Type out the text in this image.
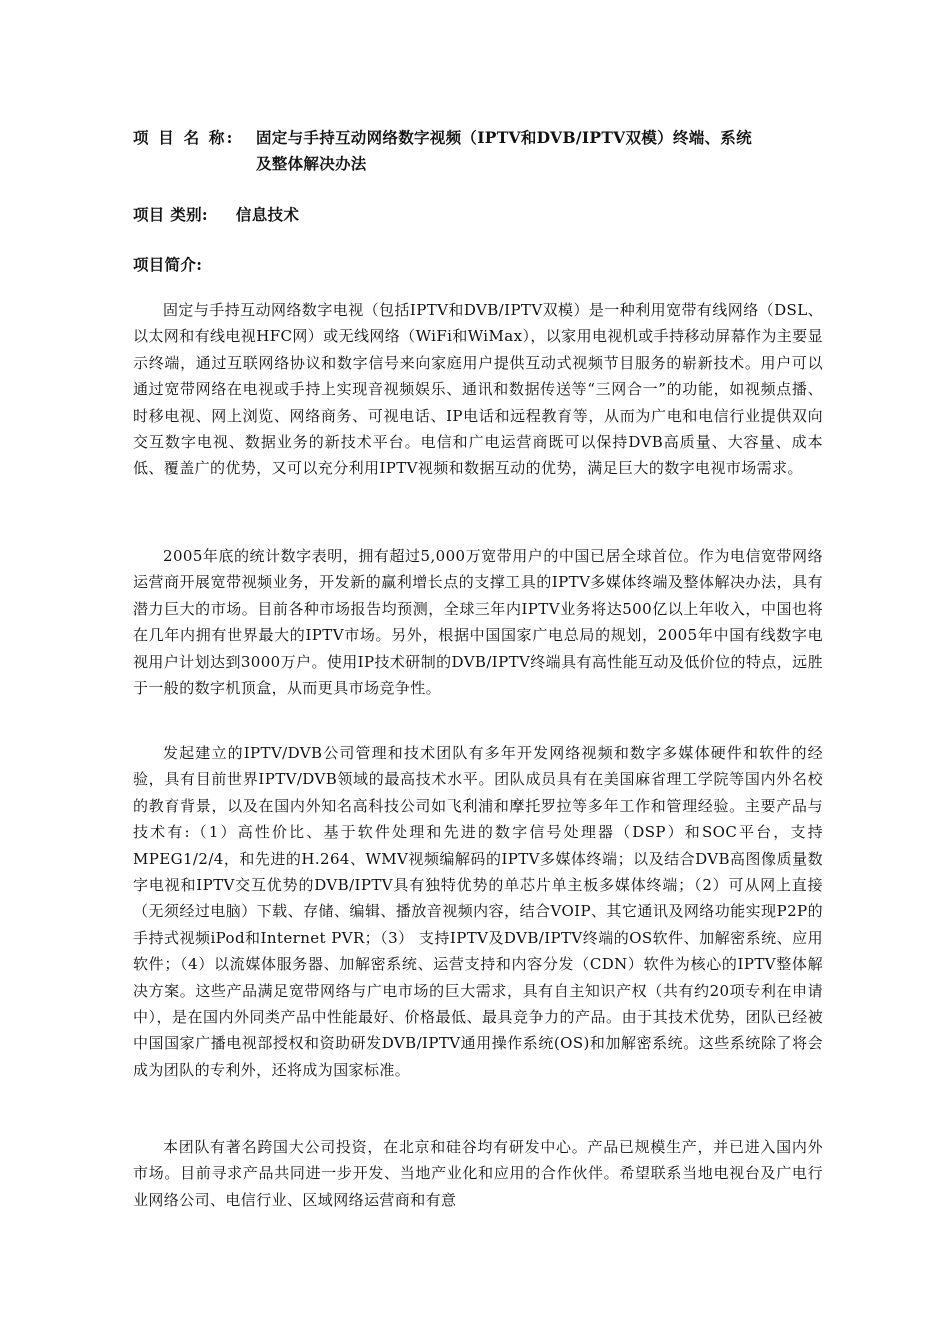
项 目 名 称: 固定与手持互动网络数字视频（IPTV和DVB/IPTV双模）终端、系统
及整体解决办法
项目 类别: 信息技术
项目简介:

固定与手持互动网络数字电视（包括IPTV和DVB/IPTV双模）是一种利用宽带有线网络（DSL、以太网和有线电视HFC网）或无线网络（WiFi和WiMax），以家用电视机或手持移动屏幕作为主要显示终端，通过互联网络协议和数字信号来向家庭用户提供互动式视频节目服务的崭新技术。用户可以通过宽带网络在电视或手持上实现音视频娱乐、通讯和数据传送等“三网合一”的功能，如视频点播、时移电视、网上浏览、网络商务、可视电话、IP电话和远程教育等，从而为广电和电信行业提供双向交互数字电视、数据业务的新技术平台。电信和广电运营商既可以保持DVB高质量、大容量、成本低、覆盖广的优势，又可以充分利用IPTV视频和数据互动的优势，满足巨大的数字电视市场需求。

2005年底的统计数字表明，拥有超过5,000万宽带用户的中国已居全球首位。作为电信宽带网络运营商开展宽带视频业务，开发新的赢利增长点的支撑工具的IPTV多媒体终端及整体解决办法，具有潜力巨大的市场。目前各种市场报告均预测，全球三年内IPTV业务将达500亿以上年收入，中国也将在几年内拥有世界最大的IPTV市场。另外，根据中国国家广电总局的规划，2005年中国有线数字电视用户计划达到3000万户。使用IP技术研制的DVB/IPTV终端具有高性能互动及低价位的特点，远胜于一般的数字机顶盒，从而更具市场竞争性。

发起建立的IPTV/DVB公司管理和技术团队有多年开发网络视频和数字多媒体硬件和软件的经验，具有目前世界IPTV/DVB领域的最高技术水平。团队成员具有在美国麻省理工学院等国内外名校的教育背景，以及在国内外知名高科技公司如飞利浦和摩托罗拉等多年工作和管理经验。主要产品与技术有:（1）高性价比、基于软件处理和先进的数字信号处理器（DSP）和SOC平台，支持MPEG1/2/4，和先进的H.264、WMV视频编解码的IPTV多媒体终端；以及结合DVB高图像质量数字电视和IPTV交互优势的DVB/IPTV具有独特优势的单芯片单主板多媒体终端；（2）可从网上直接（无须经过电脑）下载、存储、编辑、播放音视频内容，结合VOIP、其它通讯及网络功能实现P2P的手持式视频iPod和Internet PVR；（3） 支持IPTV及DVB/IPTV终端的OS软件、加解密系统、应用软件；（4）以流媒体服务器、加解密系统、运营支持和内容分发（CDN）软件为核心的IPTV整体解决方案。这些产品满足宽带网络与广电市场的巨大需求，具有自主知识产权（共有约20项专利在申请中），是在国内外同类产品中性能最好、价格最低、最具竞争力的产品。由于其技术优势，团队已经被中国国家广播电视部授权和资助研发DVB/IPTV通用操作系统(OS)和加解密系统。这些系统除了将会成为团队的专利外，还将成为国家标准。

本团队有著名跨国大公司投资，在北京和硅谷均有研发中心。产品已规模生产，并已进入国内外市场。目前寻求产品共同进一步开发、当地产业化和应用的合作伙伴。希望联系当地电视台及广电行业网络公司、电信行业、区域网络运营商和有意
